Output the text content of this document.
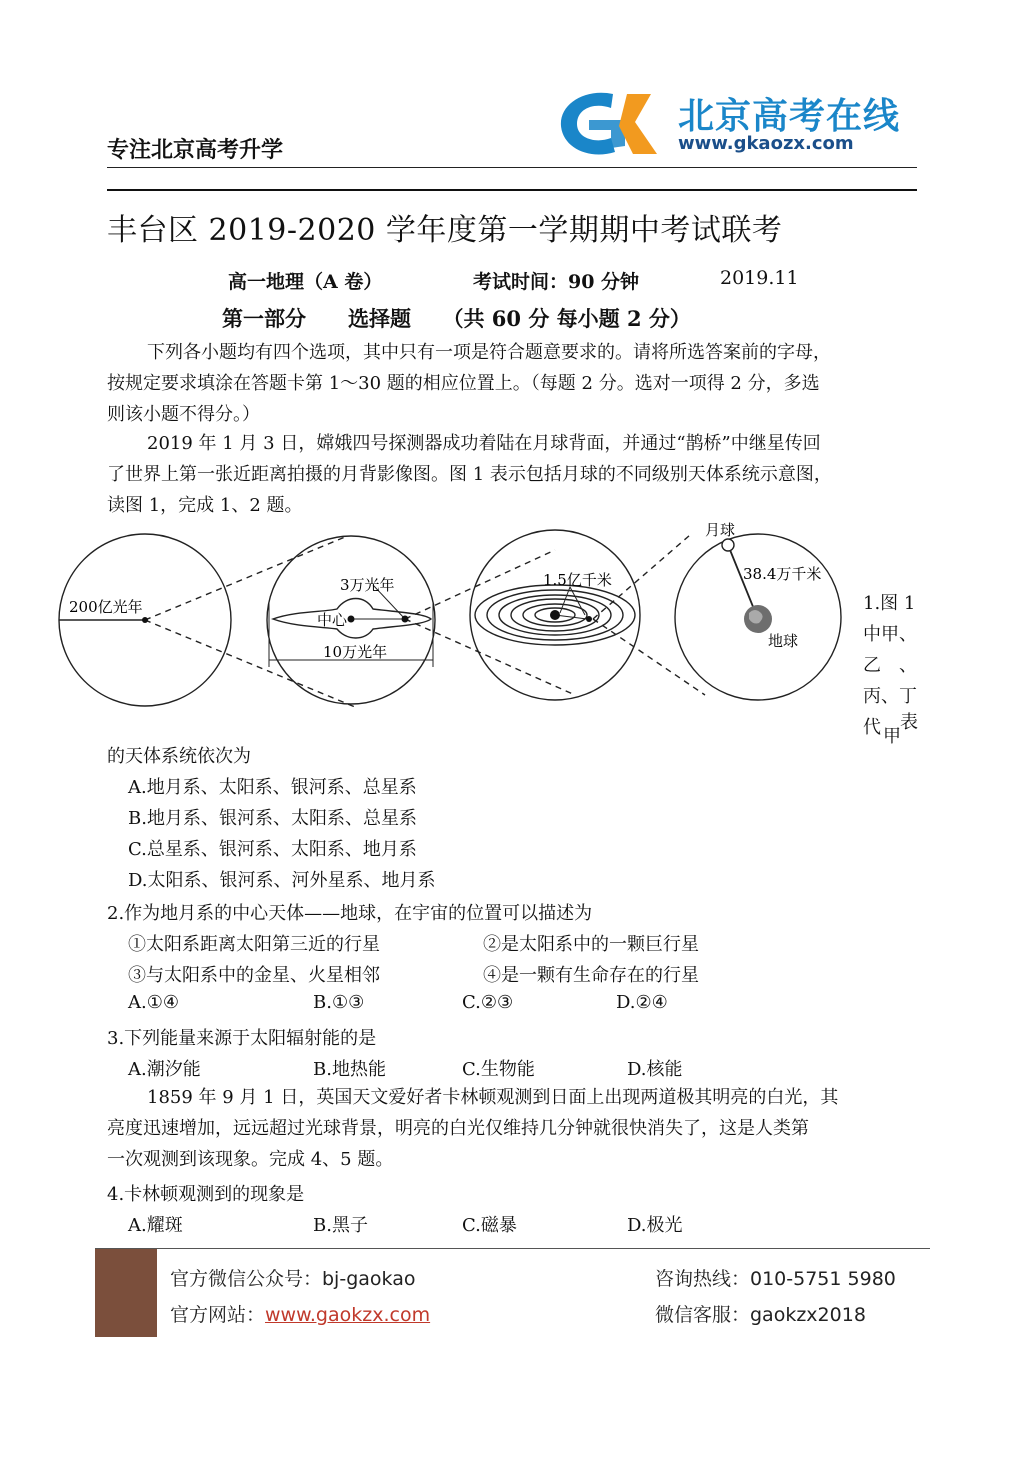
专注北京高考升学
北京高考在线
www.gkaozx.com
丰台区 2019-2020 学年度第一学期期中考试联考
高一地理（A 卷）	考试时间：90 分钟	2019.11
第一部分　　选择题　　（共 60 分 每小题 2 分）
下列各小题均有四个选项，其中只有一项是符合题意要求的。请将所选答案前的字母，
按规定要求填涂在答题卡第 1～30 题的相应位置上。（每题 2 分。选对一项得 2 分，多选
则该小题不得分。）
2019 年 1 月 3 日，嫦娥四号探测器成功着陆在月球背面，并通过“鹊桥”中继星传回
了世界上第一张近距离拍摄的月背影像图。图 1 表示包括月球的不同级别天体系统示意图，
读图 1，完成 1、2 题。
200亿光年
3万光年
中心
10万光年
1.5亿千米
月球
38.4万千米
地球
1.图 1
中甲、
乙　、
丙、丁
代 表
甲
的天体系统依次为
A.地月系、太阳系、银河系、总星系
B.地月系、银河系、太阳系、总星系
C.总星系、银河系、太阳系、地月系
D.太阳系、银河系、河外星系、地月系
2.作为地月系的中心天体——地球，在宇宙的位置可以描述为
①太阳系距离太阳第三近的行星	②是太阳系中的一颗巨行星
③与太阳系中的金星、火星相邻	④是一颗有生命存在的行星
A.①④	B.①③	C.②③	D.②④
3.下列能量来源于太阳辐射能的是
A.潮汐能	B.地热能	C.生物能	D.核能
1859 年 9 月 1 日，英国天文爱好者卡林顿观测到日面上出现两道极其明亮的白光，其
亮度迅速增加，远远超过光球背景，明亮的白光仅维持几分钟就很快消失了，这是人类第
一次观测到该现象。完成 4、5 题。
4.卡林顿观测到的现象是
A.耀斑	B.黑子	C.磁暴	D.极光
官方微信公众号：bj-gaokao	咨询热线：010-5751 5980
官方网站：www.gaokzx.com	微信客服：gaokzx2018
